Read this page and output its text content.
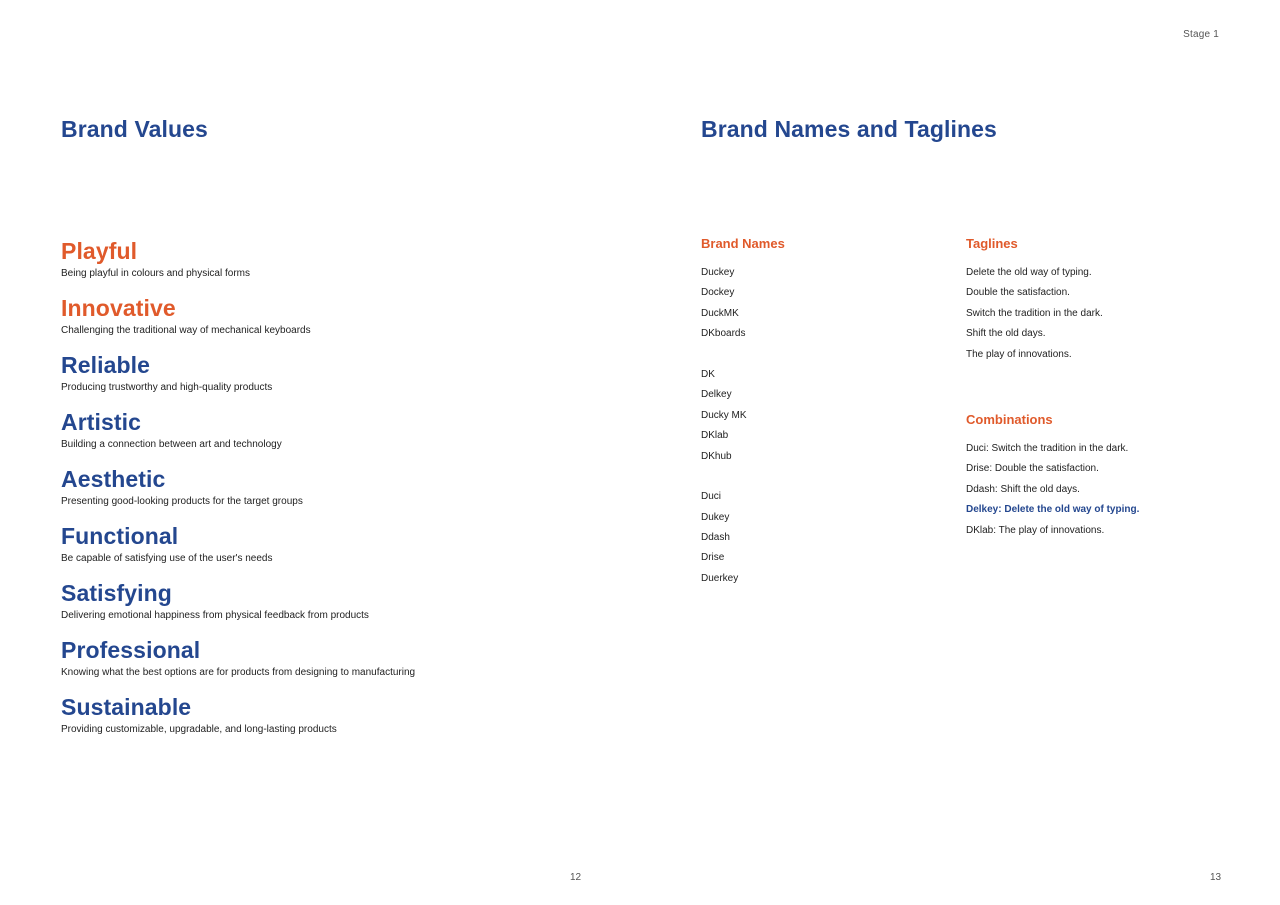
Stage 1
Brand Values
Playful
Being playful in colours and physical forms
Innovative
Challenging the traditional way of mechanical keyboards
Reliable
Producing trustworthy and high-quality products
Artistic
Building a connection between art and technology
Aesthetic
Presenting good-looking products for the target groups
Functional
Be capable of satisfying use of the user's needs
Satisfying
Delivering emotional happiness from physical feedback from products
Professional
Knowing what the best options are for products from designing to manufacturing
Sustainable
Providing customizable, upgradable, and long-lasting products
12
Brand Names and Taglines
Brand Names
Duckey
Dockey
DuckMK
DKboards
DK
Delkey
Ducky MK
DKlab
DKhub
Duci
Dukey
Ddash
Drise
Duerkey
Taglines
Delete the old way of typing.
Double the satisfaction.
Switch the tradition in the dark.
Shift the old days.
The play of innovations.
Combinations
Duci: Switch the tradition in the dark.
Drise: Double the satisfaction.
Ddash: Shift the old days.
Delkey: Delete the old way of typing.
DKlab: The play of innovations.
13
